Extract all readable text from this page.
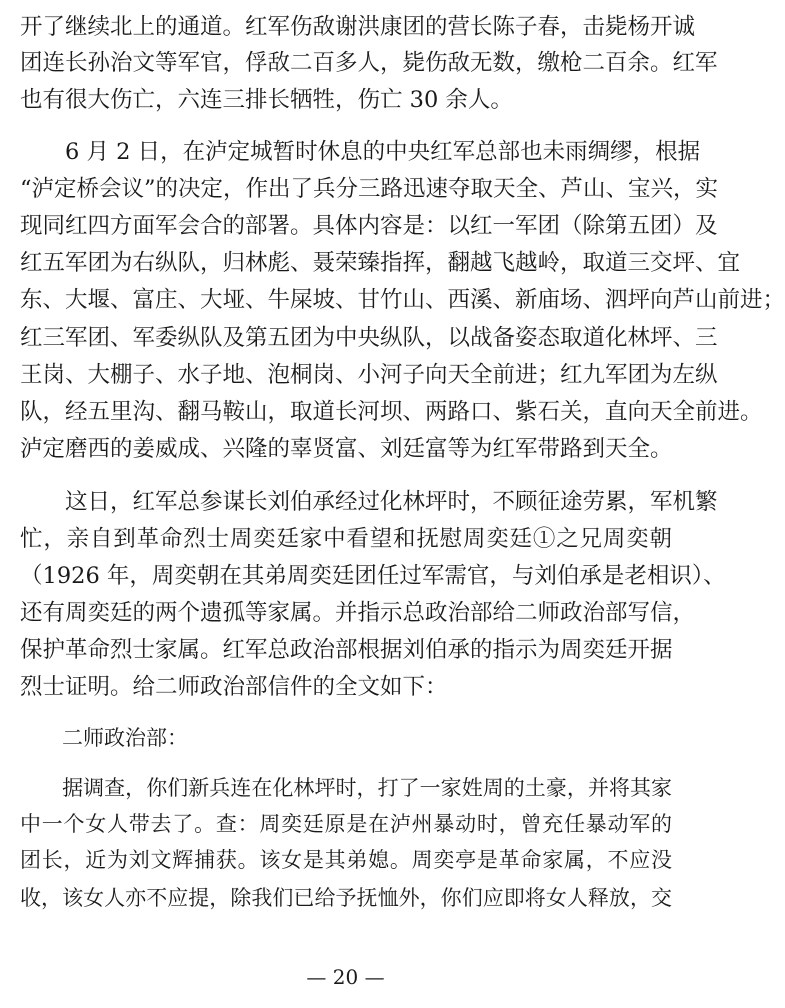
开了继续北上的通道。红军伤敌谢洪康团的营长陈子春，击毙杨开诚
团连长孙治文等军官，俘敌二百多人，毙伤敌无数，缴枪二百余。红军
也有很大伤亡，六连三排长牺牲，伤亡 30 余人。
　　6 月 2 日，在泸定城暂时休息的中央红军总部也未雨绸缪，根据
“泸定桥会议”的决定，作出了兵分三路迅速夺取天全、芦山、宝兴，实
现同红四方面军会合的部署。具体内容是：以红一军团（除第五团）及
红五军团为右纵队，归林彪、聂荣臻指挥，翻越飞越岭，取道三交坪、宜
东、大堰、富庄、大垭、牛屎坡、甘竹山、西溪、新庙场、泗坪向芦山前进；
红三军团、军委纵队及第五团为中央纵队，以战备姿态取道化林坪、三
王岗、大棚子、水子地、泡桐岗、小河子向天全前进；红九军团为左纵
队，经五里沟、翻马鞍山，取道长河坝、两路口、紫石关，直向天全前进。
泸定磨西的姜威成、兴隆的辜贤富、刘廷富等为红军带路到天全。
　　这日，红军总参谋长刘伯承经过化林坪时，不顾征途劳累，军机繁
忙，亲自到革命烈士周奕廷家中看望和抚慰周奕廷①之兄周奕朝
（1926 年，周奕朝在其弟周奕廷团任过军需官，与刘伯承是老相识）、
还有周奕廷的两个遗孤等家属。并指示总政治部给二师政治部写信，
保护革命烈士家属。红军总政治部根据刘伯承的指示为周奕廷开据
烈士证明。给二师政治部信件的全文如下：
　　二师政治部：
　　据调查，你们新兵连在化林坪时，打了一家姓周的土豪，并将其家
中一个女人带去了。查：周奕廷原是在泸州暴动时，曾充任暴动军的
团长，近为刘文辉捕获。该女是其弟媳。周奕亭是革命家属，不应没
收，该女人亦不应提，除我们已给予抚恤外，你们应即将女人释放，交
— 20 —
